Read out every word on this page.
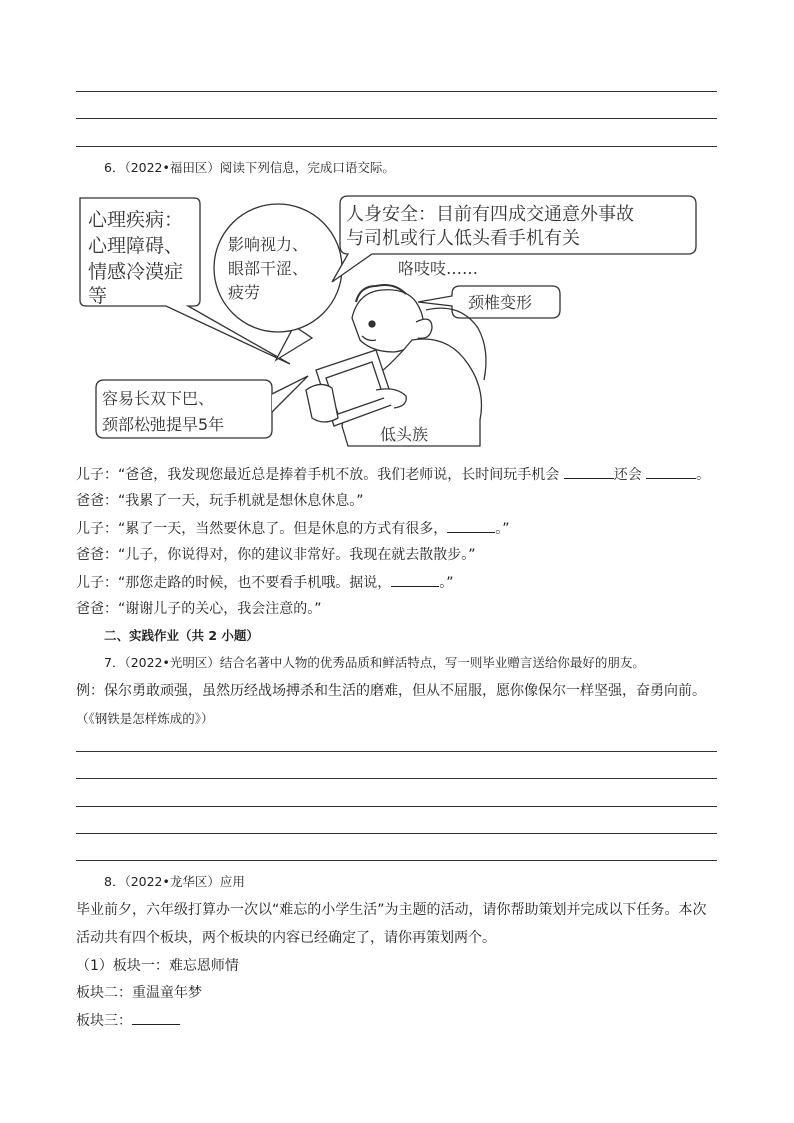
6．（2022•福田区）阅读下列信息，完成口语交际。
心理疾病：
心理障碍、
情感冷漠症
等
影响视力、
眼部干涩、
疲劳
人身安全：目前有四成交通意外事故
与司机或行人低头看手机有关
咯吱吱……
颈椎变形
容易长双下巴、
颈部松弛提早5年
低头族
儿子：“爸爸，我发现您最近总是捧着手机不放。我们老师说，长时间玩手机会	还会	。
爸爸：“我累了一天，玩手机就是想休息休息。”
儿子：“累了一天，当然要休息了。但是休息的方式有很多，	。”
爸爸：“儿子，你说得对，你的建议非常好。我现在就去散散步。”
儿子：“那您走路的时候，也不要看手机哦。据说，	。”
爸爸：“谢谢儿子的关心，我会注意的。”
二、实践作业（共 2 小题）
7．（2022•光明区）结合名著中人物的优秀品质和鲜活特点，写一则毕业赠言送给你最好的朋友。
例：保尔勇敢顽强，虽然历经战场搏杀和生活的磨难，但从不屈服，愿你像保尔一样坚强，奋勇向前。
（《钢铁是怎样炼成的》）
8．（2022•龙华区）应用
毕业前夕，六年级打算办一次以“难忘的小学生活”为主题的活动，请你帮助策划并完成以下任务。本次
活动共有四个板块，两个板块的内容已经确定了，请你再策划两个。
（1）板块一：难忘恩师情
板块二：重温童年梦
板块三：
